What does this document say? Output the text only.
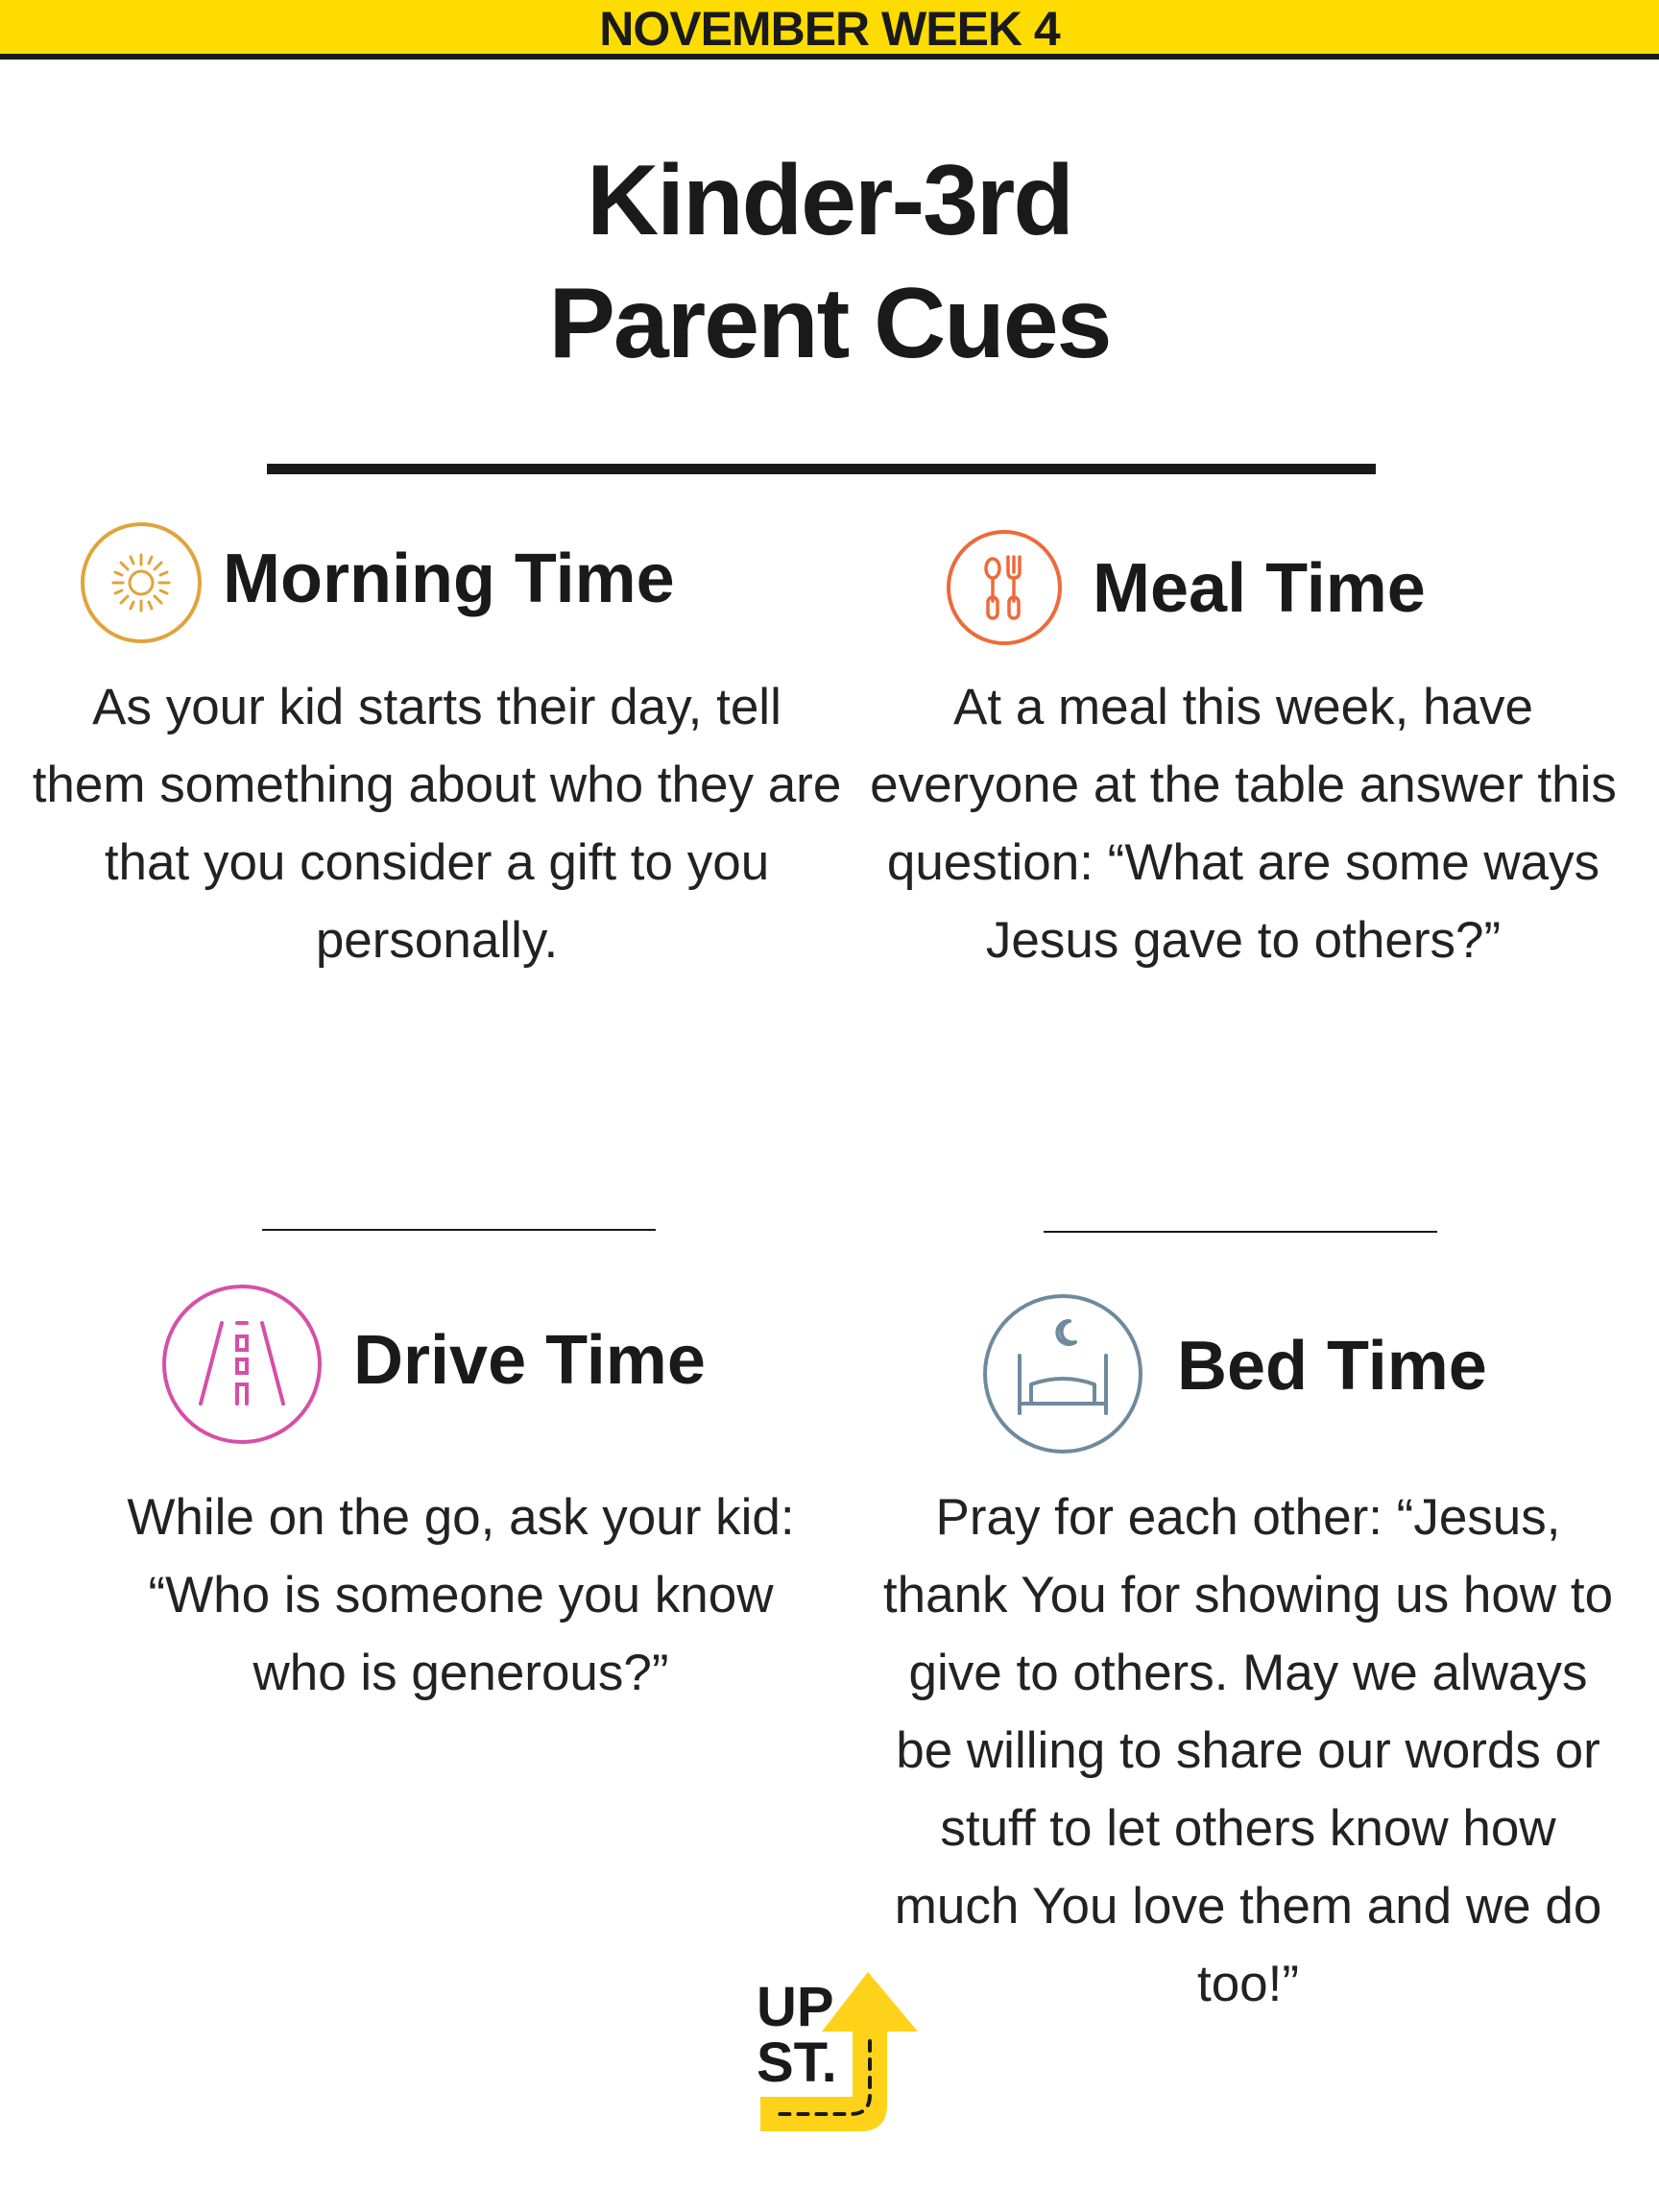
NOVEMBER WEEK 4
Kinder-3rd
Parent Cues
Morning Time
As your kid starts their day, tell them something about who they are that you consider a gift to you personally.
Meal Time
At a meal this week, have everyone at the table answer this question: “What are some ways Jesus gave to others?”
Drive Time
While on the go, ask your kid: “Who is someone you know who is generous?”
Bed Time
Pray for each other: “Jesus, thank You for showing us how to give to others. May we always be willing to share our words or stuff to let others know how much You love them and we do too!”
UP
ST.
